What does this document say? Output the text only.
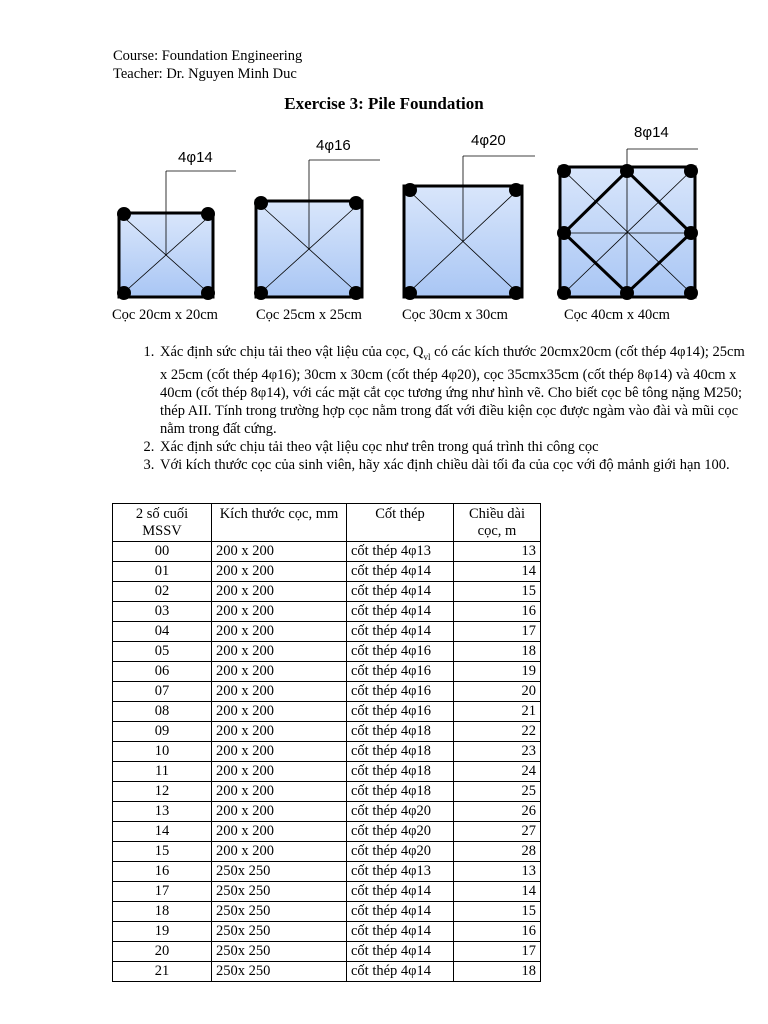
Course: Foundation Engineering
Teacher: Dr. Nguyen Minh Duc
Exercise 3: Pile Foundation
4φ14
4φ16	4φ20	8φ14
Cọc 20cm x 20cm	Cọc 25cm x 25cm	Cọc 30cm x 30cm	Cọc 40cm x 40cm
1. Xác định sức chịu tải theo vật liệu của cọc, $Q_{vl}$ có các kích thước 20cmx20cm (cốt thép 4φ14); 25cm x 25cm (cốt thép 4φ16); 30cm x 30cm (cốt thép 4φ20), cọc 35cmx35cm (cốt thép 8φ14) và 40cm x 40cm (cốt thép 8φ14), với các mặt cắt cọc tương ứng như hình vẽ. Cho biết cọc bê tông nặng M250; thép AII. Tính trong trường hợp cọc nằm trong đất với điều kiện cọc được ngàm vào đài và mũi cọc nằm trong đất cứng.
2. Xác định sức chịu tải theo vật liệu cọc như trên trong quá trình thi công cọc
3. Với kích thước cọc của sinh viên, hãy xác định chiều dài tối đa của cọc với độ mảnh giới hạn 100.
2 số cuối MSSV	Kích thước cọc, mm	Cốt thép	Chiều dài cọc, m
00	200 x 200	cốt thép 4φ13	13
01	200 x 200	cốt thép 4φ14	14
02	200 x 200	cốt thép 4φ14	15
03	200 x 200	cốt thép 4φ14	16
04	200 x 200	cốt thép 4φ14	17
05	200 x 200	cốt thép 4φ16	18
06	200 x 200	cốt thép 4φ16	19
07	200 x 200	cốt thép 4φ16	20
08	200 x 200	cốt thép 4φ16	21
09	200 x 200	cốt thép 4φ18	22
10	200 x 200	cốt thép 4φ18	23
11	200 x 200	cốt thép 4φ18	24
12	200 x 200	cốt thép 4φ18	25
13	200 x 200	cốt thép 4φ20	26
14	200 x 200	cốt thép 4φ20	27
15	200 x 200	cốt thép 4φ20	28
16	250x 250	cốt thép 4φ13	13
17	250x 250	cốt thép 4φ14	14
18	250x 250	cốt thép 4φ14	15
19	250x 250	cốt thép 4φ14	16
20	250x 250	cốt thép 4φ14	17
21	250x 250	cốt thép 4φ14	18
